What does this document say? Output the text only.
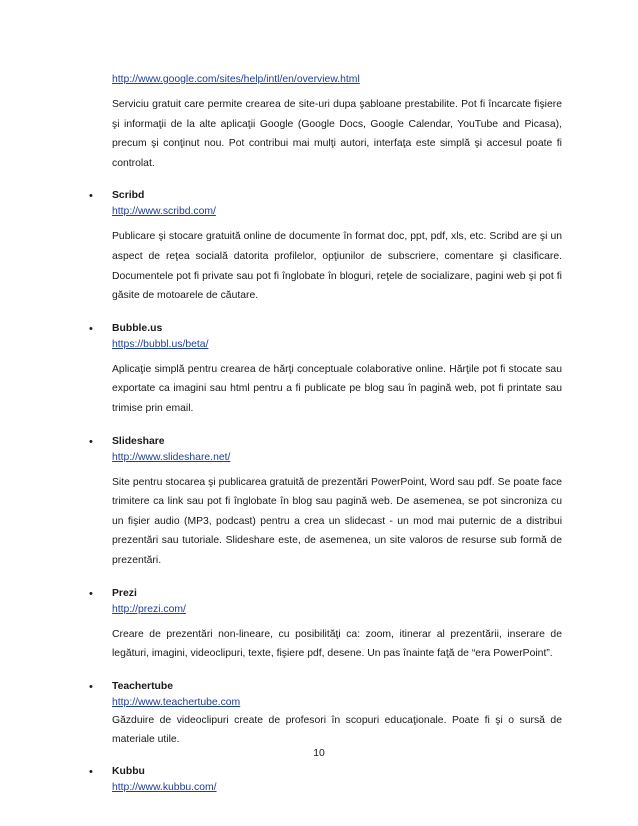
http://www.google.com/sites/help/intl/en/overview.html

Serviciu gratuit care permite crearea de site-uri dupa şabloane prestabilite. Pot fi încarcate fişiere şi informaţii de la alte aplicaţii Google (Google Docs, Google Calendar, YouTube and Picasa), precum şi conţinut nou. Pot contribui mai mulţi autori, interfaţa este simplă şi accesul poate fi controlat.

• Scribd
http://www.scribd.com/

Publicare şi stocare gratuită online de documente în format doc, ppt, pdf, xls, etc. Scribd are şi un aspect de reţea socială datorita profilelor, opţiunilor de subscriere, comentare şi clasificare. Documentele pot fi private sau pot fi înglobate în bloguri, reţele de socializare, pagini web şi pot fi găsite de motoarele de căutare.

• Bubble.us
https://bubbl.us/beta/

Aplicaţie simplă pentru crearea de hărţi conceptuale colaborative online. Hărţile pot fi stocate sau exportate ca imagini sau html pentru a fi publicate pe blog sau în pagină web, pot fi printate sau trimise prin email.

• Slideshare
http://www.slideshare.net/

Site pentru stocarea şi publicarea gratuită de prezentări PowerPoint, Word sau pdf. Se poate face trimitere ca link sau pot fi înglobate în blog sau pagină web. De asemenea, se pot sincroniza cu un fişier audio (MP3, podcast) pentru a crea un slidecast - un mod mai puternic de a distribui prezentări sau tutoriale. Slideshare este, de asemenea, un site valoros de resurse sub formă de prezentări.

• Prezi
http://prezi.com/

Creare de prezentări non-lineare, cu posibilităţi ca: zoom, itinerar al prezentării, inserare de legături, imagini, videoclipuri, texte, fişiere pdf, desene. Un pas înainte faţă de “era PowerPoint”.

• Teachertube
http://www.teachertube.com

Găzduire de videoclipuri create de profesori în scopuri educaţionale. Poate fi şi o sursă de materiale utile.

• Kubbu
http://www.kubbu.com/
10
